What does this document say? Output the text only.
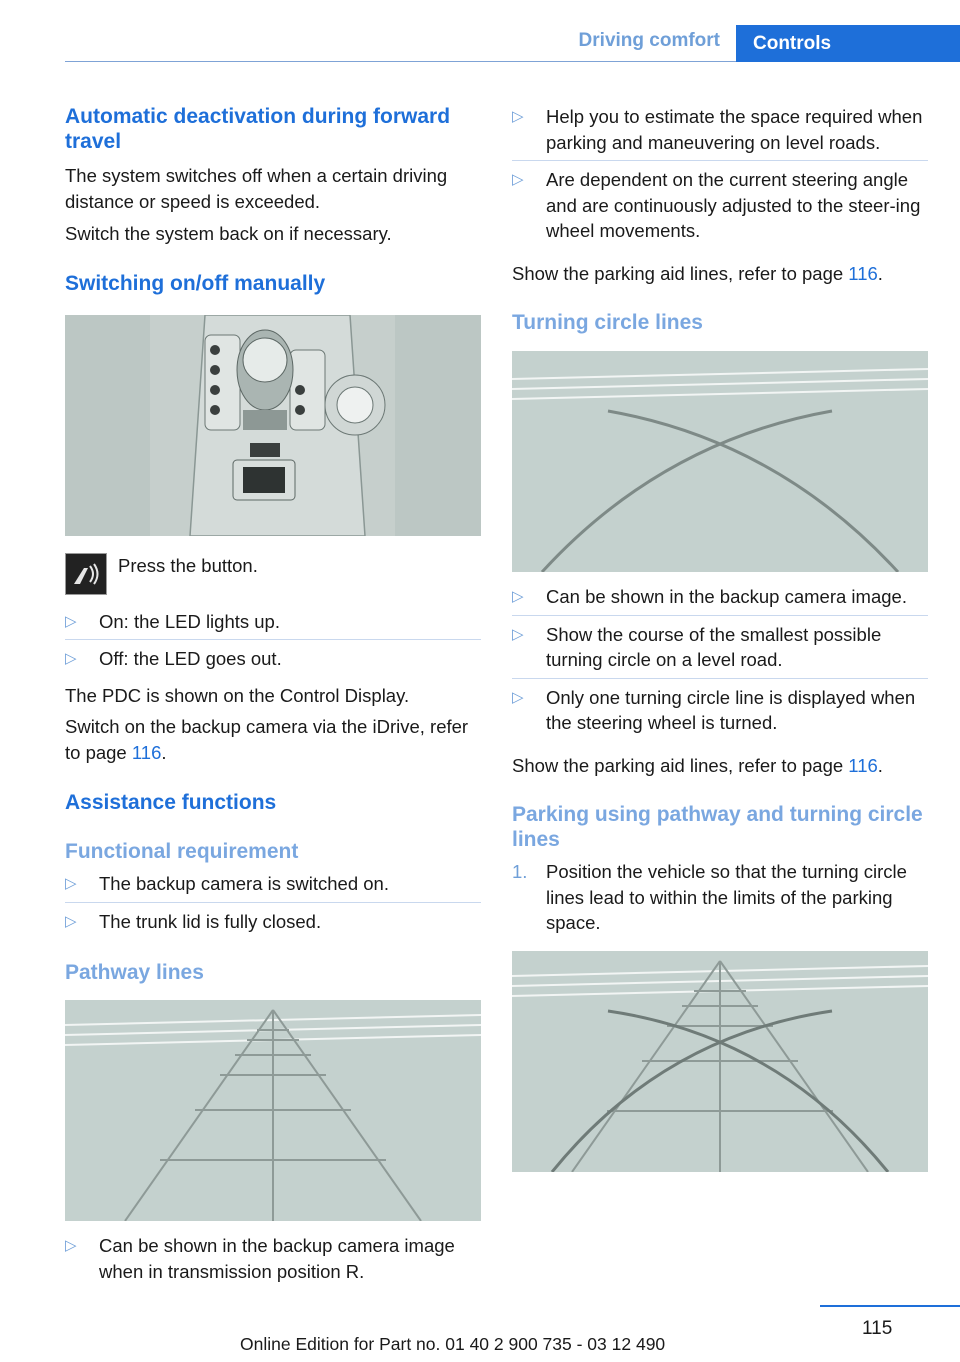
Driving comfort	Controls
Automatic deactivation during forward travel

The system switches off when a certain driving distance or speed is exceeded.

Switch the system back on if necessary.

Switching on/off manually

Press the button.

▷ On: the LED lights up.
▷ Off: the LED goes out.

The PDC is shown on the Control Display.

Switch on the backup camera via the iDrive, refer to page 116.

Assistance functions
Functional requirement
▷ The backup camera is switched on.
▷ The trunk lid is fully closed.
Pathway lines
▷ Can be shown in the backup camera image when in transmission position R.
▷ Help you to estimate the space required when parking and maneuvering on level roads.
▷ Are dependent on the current steering angle and are continuously adjusted to the steer‐ing wheel movements.

Show the parking aid lines, refer to page 116.

Turning circle lines
▷ Can be shown in the backup camera image.
▷ Show the course of the smallest possible turning circle on a level road.
▷ Only one turning circle line is displayed when the steering wheel is turned.

Show the parking aid lines, refer to page 116.

Parking using pathway and turning circle lines
1. Position the vehicle so that the turning circle lines lead to within the limits of the parking space.
115
Online Edition for Part no. 01 40 2 900 735 - 03 12 490
